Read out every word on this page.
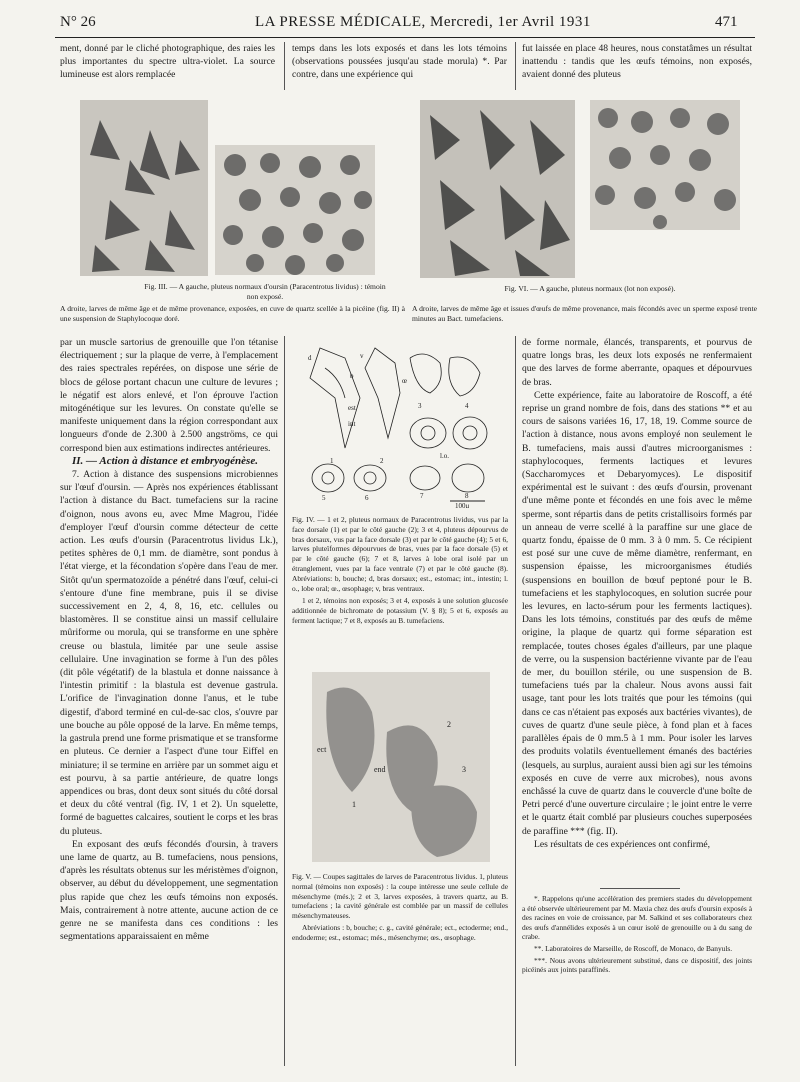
N° 26	LA PRESSE MÉDICALE, Mercredi, 1er Avril 1931	471
ment, donné par le cliché photographique, des raies les plus importantes du spectre ultra-violet. La source lumineuse est alors remplacée
temps dans les lots exposés et dans les lots témoins (observations poussées jusqu'au stade morula) *. Par contre, dans une expérience qui
fut laissée en place 48 heures, nous constatâmes un résultat inattendu : tandis que les œufs témoins, non exposés, avaient donné des pluteus
Fig. III. — A gauche, pluteus normaux d'oursin (Paracentrotus lividus) : témoin non exposé.
A droite, larves de même âge et de même provenance, exposées, en cuve de quartz scellée à la picéine (fig. II) à une suspension de Staphylocoque doré.
Fig. VI. — A gauche, pluteus normaux (lot non exposé).
A droite, larves de même âge et issues d'œufs de même provenance, mais fécondés avec un sperme exposé trente minutes au Bact. tumefaciens.

par un muscle sartorius de grenouille que l'on tétanise électriquement ; sur la plaque de verre, à l'emplacement des raies spectrales repérées, on dispose une série de blocs de gélose portant chacun une culture de levures ; le négatif est alors enlevé, et l'on éprouve l'action mitogénétique sur les levures. On constate qu'elle se manifeste uniquement dans la région correspondant aux longueurs d'onde de 2.300 à 2.500 angströms, ce qui correspond bien aux estimations indirectes antérieures.

II. — Action à distance et embryogénèse.

7. Action à distance des suspensions microbiennes sur l'œuf d'oursin. — Après nos expériences établissant l'action à distance du Bact. tumefaciens sur la racine d'oignon, nous avons eu, avec Mme Magrou, l'idée d'employer l'œuf d'oursin comme détecteur de cette action. Les œufs d'oursin (Paracentrotus lividus Lk.), petites sphères de 0,1 mm. de diamètre, sont pondus à l'état vierge, et la fécondation s'opère dans l'eau de mer. Sitôt qu'un spermatozoïde a pénétré dans l'œuf, celui-ci s'entoure d'une fine membrane, puis il se divise successivement en 2, 4, 8, 16, etc. cellules ou blastomères. Il se constitue ainsi un massif cellulaire mûriforme ou morula, qui se transforme en une sphère creuse ou blastula, limitée par une seule assise cellulaire. Une invagination se forme à l'un des pôles (dit pôle végétatif) de la blastula et donne naissance à l'intestin primitif : la blastula est devenue gastrula. L'orifice de l'invagination donne l'anus, et le tube digestif, d'abord terminé en cul-de-sac clos, s'ouvre par une bouche au pôle opposé de la larve. En même temps, la gastrula prend une forme prismatique et se transforme en pluteus. Ce dernier a l'aspect d'une tour Eiffel en miniature; il se termine en arrière par un sommet aigu et est pourvu, à sa partie antérieure, de quatre longs appendices ou bras, dont deux sont situés du côté dorsal et deux du côté ventral (fig. IV, 1 et 2). Un squelette, formé de baguettes calcaires, soutient le corps et les bras du pluteus.

En exposant des œufs fécondés d'oursin, à travers une lame de quartz, au B. tumefaciens, nous pensions, d'après les résultats obtenus sur les méristèmes d'oignon, observer, au début du développement, une segmentation plus rapide que chez les œufs témoins non exposés. Mais, contrairement à notre attente, aucune action de ce genre ne se manifesta dans ces conditions : les segmentations apparaissaient en même

1	2
3	4
5	6	7	8
d	v
b
est
int
œ
l.o.
100μ
Fig. IV. — 1 et 2, pluteus normaux de Paracentrotus lividus, vus par la face dorsale (1) et par le côté gauche (2); 3 et 4, pluteus dépourvus de bras dorsaux, vus par la face dorsale (3) et par le côté gauche (4); 5 et 6, larves pluteïformes dépourvues de bras, vues par la face dorsale (5) et par le côté gauche (6); 7 et 8, larves à lobe oral isolé par un étranglement, vues par la face ventrale (7) et par le côté gauche (8). Abréviations: b, bouche; d, bras dorsaux; est., estomac; int., intestin; l. o., lobe oral; œ., œsophage; v, bras ventraux.
1 et 2, témoins non exposés; 3 et 4, exposés à une solution glucosée additionnée de bichromate de potassium (V. § 8); 5 et 6, exposés au ferment lactique; 7 et 8, exposés au B. tumefaciens.
1
2
3
ect
end
Fig. V. — Coupes sagittales de larves de Paracentrotus lividus. 1, pluteus normal (témoins non exposés) : la coupe intéresse une seule cellule de mésenchyme (més.); 2 et 3, larves exposées, à travers quartz, au B. tumefaciens ; la cavité générale est comblée par un massif de cellules mésenchymateuses.
Abréviations : b, bouche; c. g., cavité générale; ect., ectoderme; end., endoderme; est., estomac; més., mésenchyme; œs., œsophage.

de forme normale, élancés, transparents, et pourvus de quatre longs bras, les deux lots exposés ne renfermaient que des larves de forme aberrante, opaques et dépourvues de bras.

Cette expérience, faite au laboratoire de Roscoff, a été reprise un grand nombre de fois, dans des stations ** et au cours de saisons variées 16, 17, 18, 19. Comme source de l'action à distance, nous avons employé non seulement le B. tumefaciens, mais aussi d'autres microorganismes : staphylocoques, ferments lactiques et levures (Saccharomyces et Debaryomyces). Le dispositif expérimental est le suivant : des œufs d'oursin, provenant d'une même ponte et fécondés en une fois avec le même sperme, sont répartis dans de petits cristallisoirs formés par un anneau de verre scellé à la paraffine sur une glace de quartz fondu, épaisse de 0 mm. 3 à 0 mm. 5. Ce récipient est posé sur une cuve de même diamètre, renfermant, en suspension épaisse, les microorganismes étudiés (suspensions en bouillon de bœuf peptoné pour le B. tumefaciens et les staphylocoques, en solution sucrée pour les levures, en lacto-sérum pour les ferments lactiques). Dans les lots témoins, constitués par des œufs de même origine, la plaque de quartz qui forme séparation est remplacée, toutes choses égales d'ailleurs, par une plaque de verre, ou la suspension bactérienne vivante par de l'eau de mer, du bouillon stérile, ou une suspension de B. tumefaciens tués par la chaleur. Nous avons aussi fait usage, tant pour les lots traités que pour les témoins (qui dans ce cas n'étaient pas exposés aux bactéries vivantes), de cuves de quartz d'une seule pièce, à fond plan et à faces parallèles épais de 0 mm.5 à 1 mm. Pour isoler les larves des produits volatils éventuellement émanés des bactéries (lesquels, au surplus, auraient aussi bien agi sur les témoins exposés en cuve de verre aux microbes), nous avons enchâssé la cuve de quartz dans le couvercle d'une boîte de Petri percé d'une ouverture circulaire ; le joint entre le verre et le quartz était comblé par plusieurs couches superposées de paraffine *** (fig. II).

Les résultats de ces expériences ont confirmé,

*. Rappelons qu'une accélération des premiers stades du développement a été observée ultérieurement par M. Maxia chez des œufs d'oursin exposés à des racines en voie de croissance, par M. Salkind et ses collaborateurs chez des œufs d'annélides exposés à un cœur isolé de grenouille ou à du sang de crabe.

**. Laboratoires de Marseille, de Roscoff, de Monaco, de Banyuls.

***. Nous avons ultérieurement substitué, dans ce dispositif, des joints picéinés aux joints paraffinés.
